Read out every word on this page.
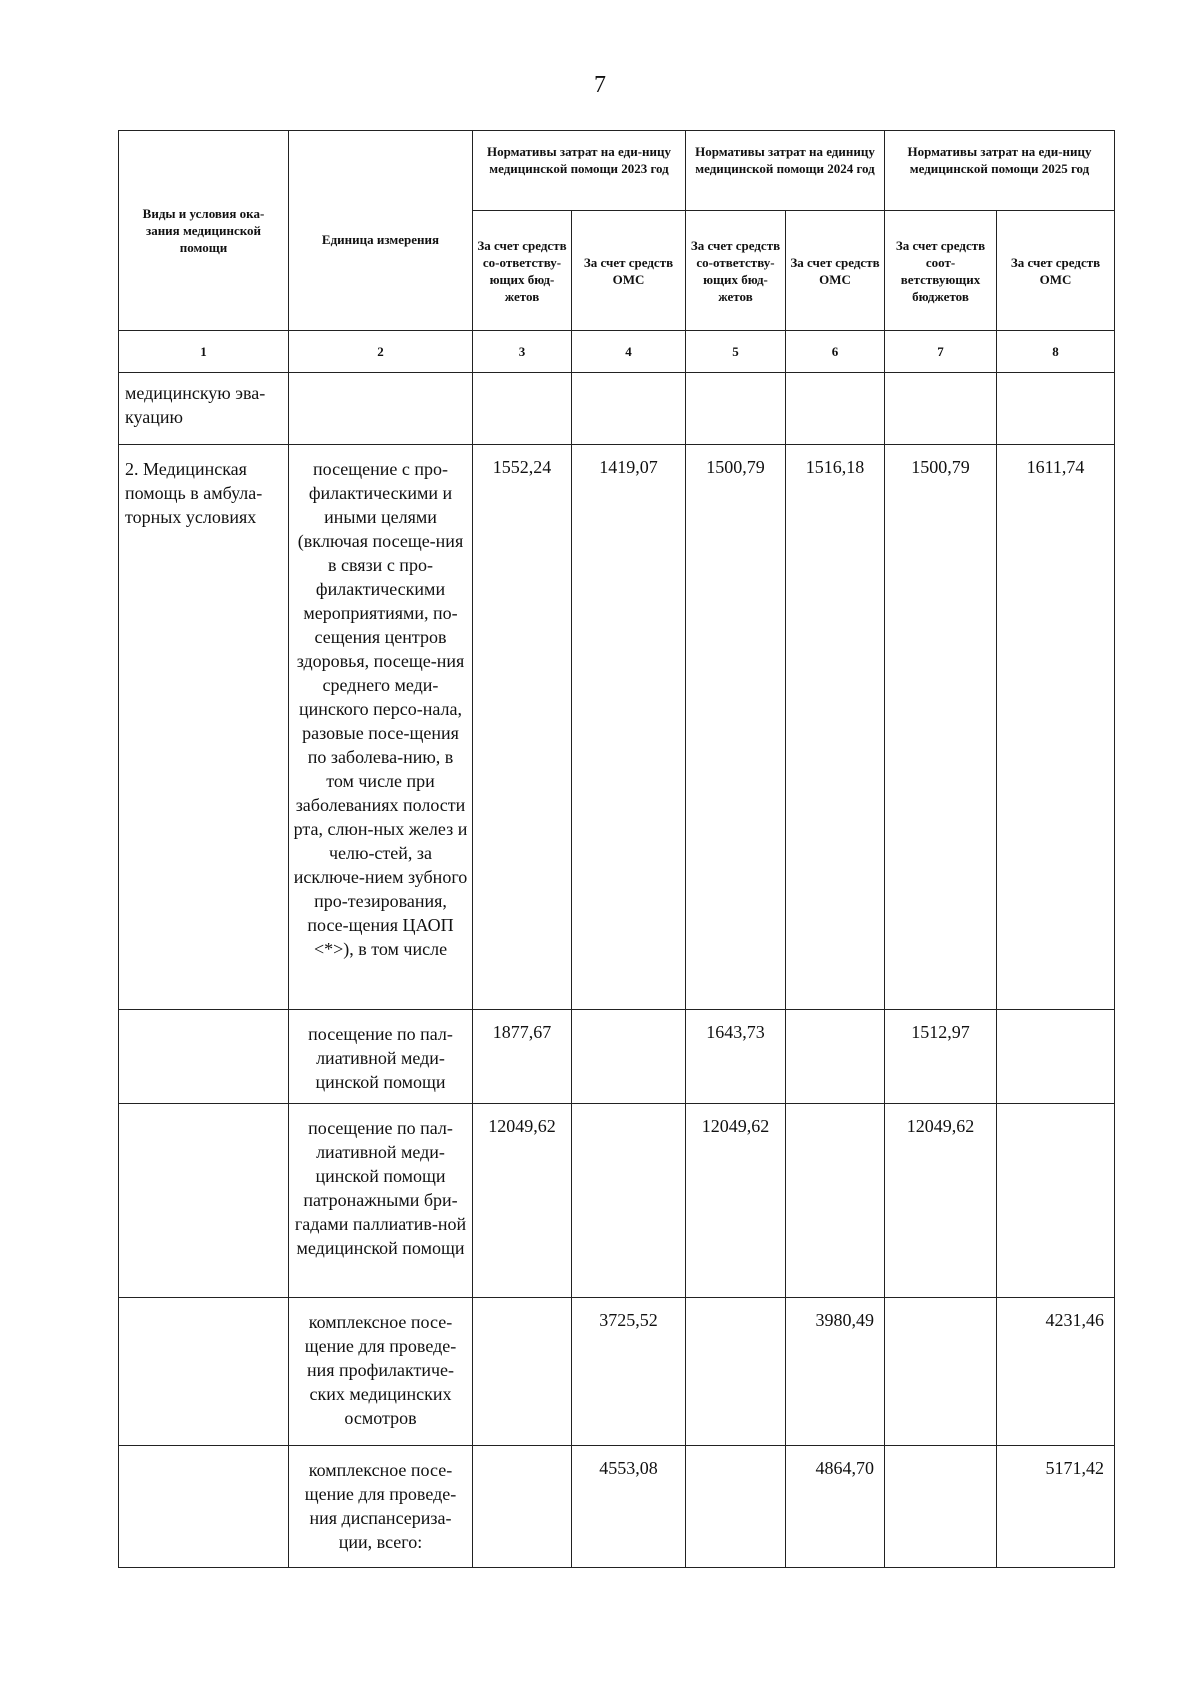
7
Виды и условия ока-зания медицинской помощи	Единица измерения	Нормативы затрат на еди-ницу медицинской помощи 2023 год		Нормативы затрат на единицу медицинской помощи 2024 год		Нормативы затрат на еди-ницу медицинской помощи 2025 год	
		За счет средств со-ответству-ющих бюд-жетов	За счет средств ОМС	За счет средств со-ответству-ющих бюд-жетов	За счет средств ОМС	За счет средств соот-ветствующих бюджетов	За счет средств ОМС
1	2	3	4	5	6	7	8
медицинскую эва-куацию							
2. Медицинская помощь в амбула-торных условиях	посещение с про-филактическими и иными целями (включая посеще-ния в связи с про-филактическими мероприятиями, по-сещения центров здоровья, посеще-ния среднего меди-цинского персо-нала, разовые посе-щения по заболева-нию, в том числе при заболеваниях полости рта, слюн-ных желез и челю-стей, за исключе-нием зубного про-тезирования, посе-щения ЦАОП <*>), в том числе	1552,24	1419,07	1500,79	1516,18	1500,79	1611,74
	посещение по пал-лиативной меди-цинской помощи	1877,67		1643,73		1512,97	
	посещение по пал-лиативной меди-цинской помощи патронажными бри-гадами паллиатив-ной медицинской помощи	12049,62		12049,62		12049,62	
	комплексное посе-щение для проведе-ния профилактиче-ских медицинских осмотров		3725,52		3980,49		4231,46
	комплексное посе-щение для проведе-ния диспансериза-ции, всего:		4553,08		4864,70		5171,42
